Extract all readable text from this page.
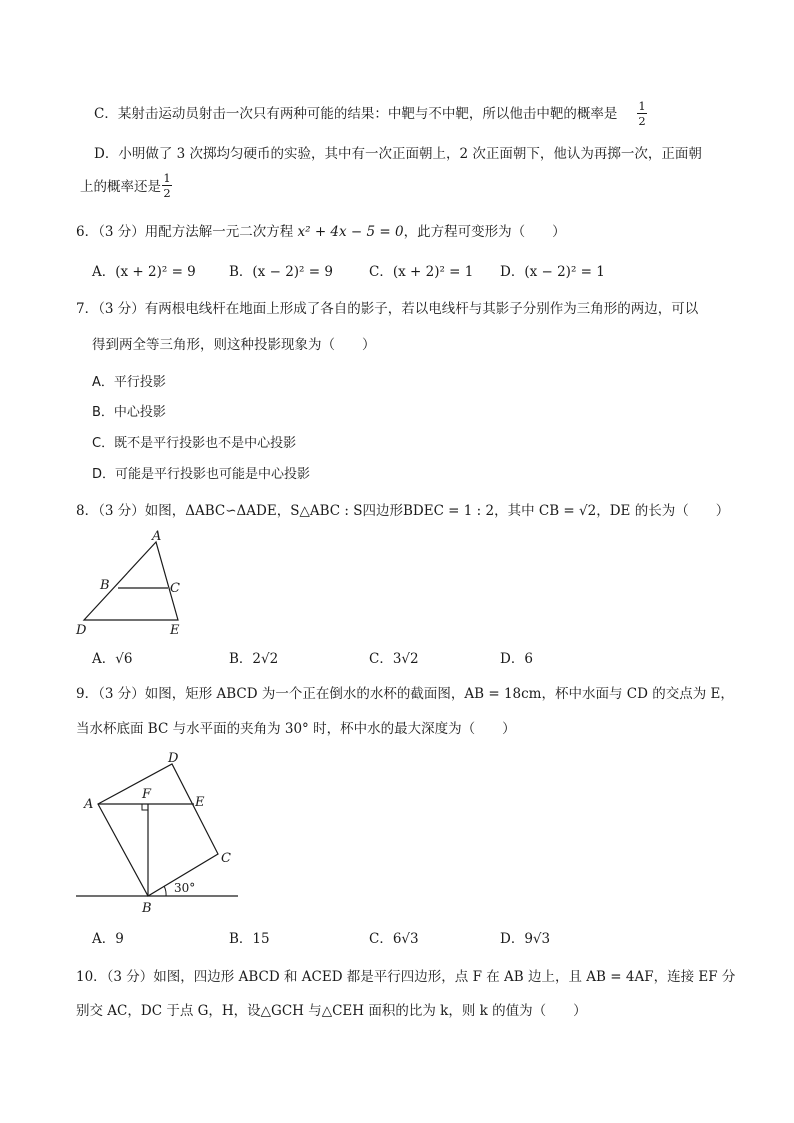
C．某射击运动员射击一次只有两种可能的结果：中靶与不中靶，所以他击中靶的概率是 1
2
D．小明做了 3 次掷均匀硬币的实验，其中有一次正面朝上，2 次正面朝下，他认为再掷一次，正面朝
上的概率还是
1
2
6．（3 分）用配方法解一元二次方程 x² + 4x − 5 = 0，此方程可变形为（　　）
A．(x + 2)² = 9 B．(x − 2)² = 9	C．(x + 2)² = 1 D．(x − 2)² = 1
7．（3 分）有两根电线杆在地面上形成了各自的影子，若以电线杆与其影子分别作为三角形的两边，可以
得到两全等三角形，则这种投影现象为（　　）
A．平行投影
B．中心投影
C．既不是平行投影也不是中心投影
D．可能是平行投影也可能是中心投影
8．（3 分）如图，ΔABC∽ΔADE，S△ABC : S四边形BDEC = 1 : 2，其中 CB = √2，DE 的长为（　　）
A
B	C
D	E
A．√6	B．2√2	C．3√2	D．6
9．（3 分）如图，矩形 ABCD 为一个正在倒水的水杯的截面图，AB = 18cm，杯中水面与 CD 的交点为 E，
当水杯底面 BC 与水平面的夹角为 30° 时，杯中水的最大深度为（　　）
A
D
F
E
C
B
30°
A．9	B．15	C．6√3	D．9√3
10．（3 分）如图，四边形 ABCD 和 ACED 都是平行四边形，点 F 在 AB 边上，且 AB = 4AF，连接 EF 分
别交 AC，DC 于点 G，H，设△GCH 与△CEH 面积的比为 k，则 k 的值为（　　）
